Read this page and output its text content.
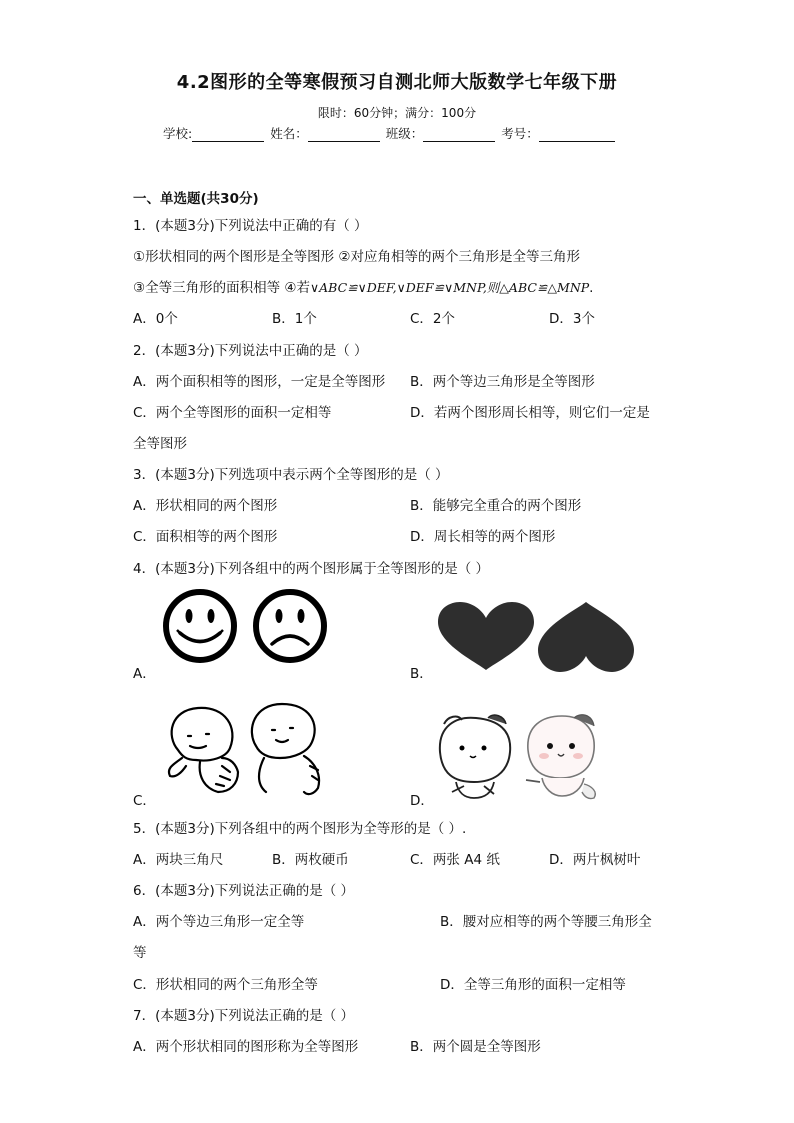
4.2图形的全等寒假预习自测北师大版数学七年级下册
限时：60分钟；满分：100分
学校:	姓名：	班级：	考号：
一、单选题(共30分)
1．(本题3分)下列说法中正确的有（ ）
①形状相同的两个图形是全等图形 ②对应角相等的两个三角形是全等三角形
③全等三角形的面积相等 ④若∨ABC≌∨DEF,∨DEF≌∨MNP,则△ABC≌△MNP.
A．0个	B．1个	C．2个	D．3个
2．(本题3分)下列说法中正确的是（ ）
A．两个面积相等的图形，一定是全等图形 B．两个等边三角形是全等图形
C．两个全等图形的面积一定相等	D．若两个图形周长相等，则它们一定是
全等图形
3．(本题3分)下列选项中表示两个全等图形的是（ ）
A．形状相同的两个图形	B．能够完全重合的两个图形
C．面积相等的两个图形	D．周长相等的两个图形
4．(本题3分)下列各组中的两个图形属于全等图形的是（ ）
A．	B．
C．	D．
5．(本题3分)下列各组中的两个图形为全等形的是（ ）.
A．两块三角尺	B．两枚硬币	C．两张 A4 纸	D．两片枫树叶
6．(本题3分)下列说法正确的是（ ）
A．两个等边三角形一定全等	B．腰对应相等的两个等腰三角形全
等
C．形状相同的两个三角形全等	D．全等三角形的面积一定相等
7．(本题3分)下列说法正确的是（ ）
A．两个形状相同的图形称为全等图形	B．两个圆是全等图形
